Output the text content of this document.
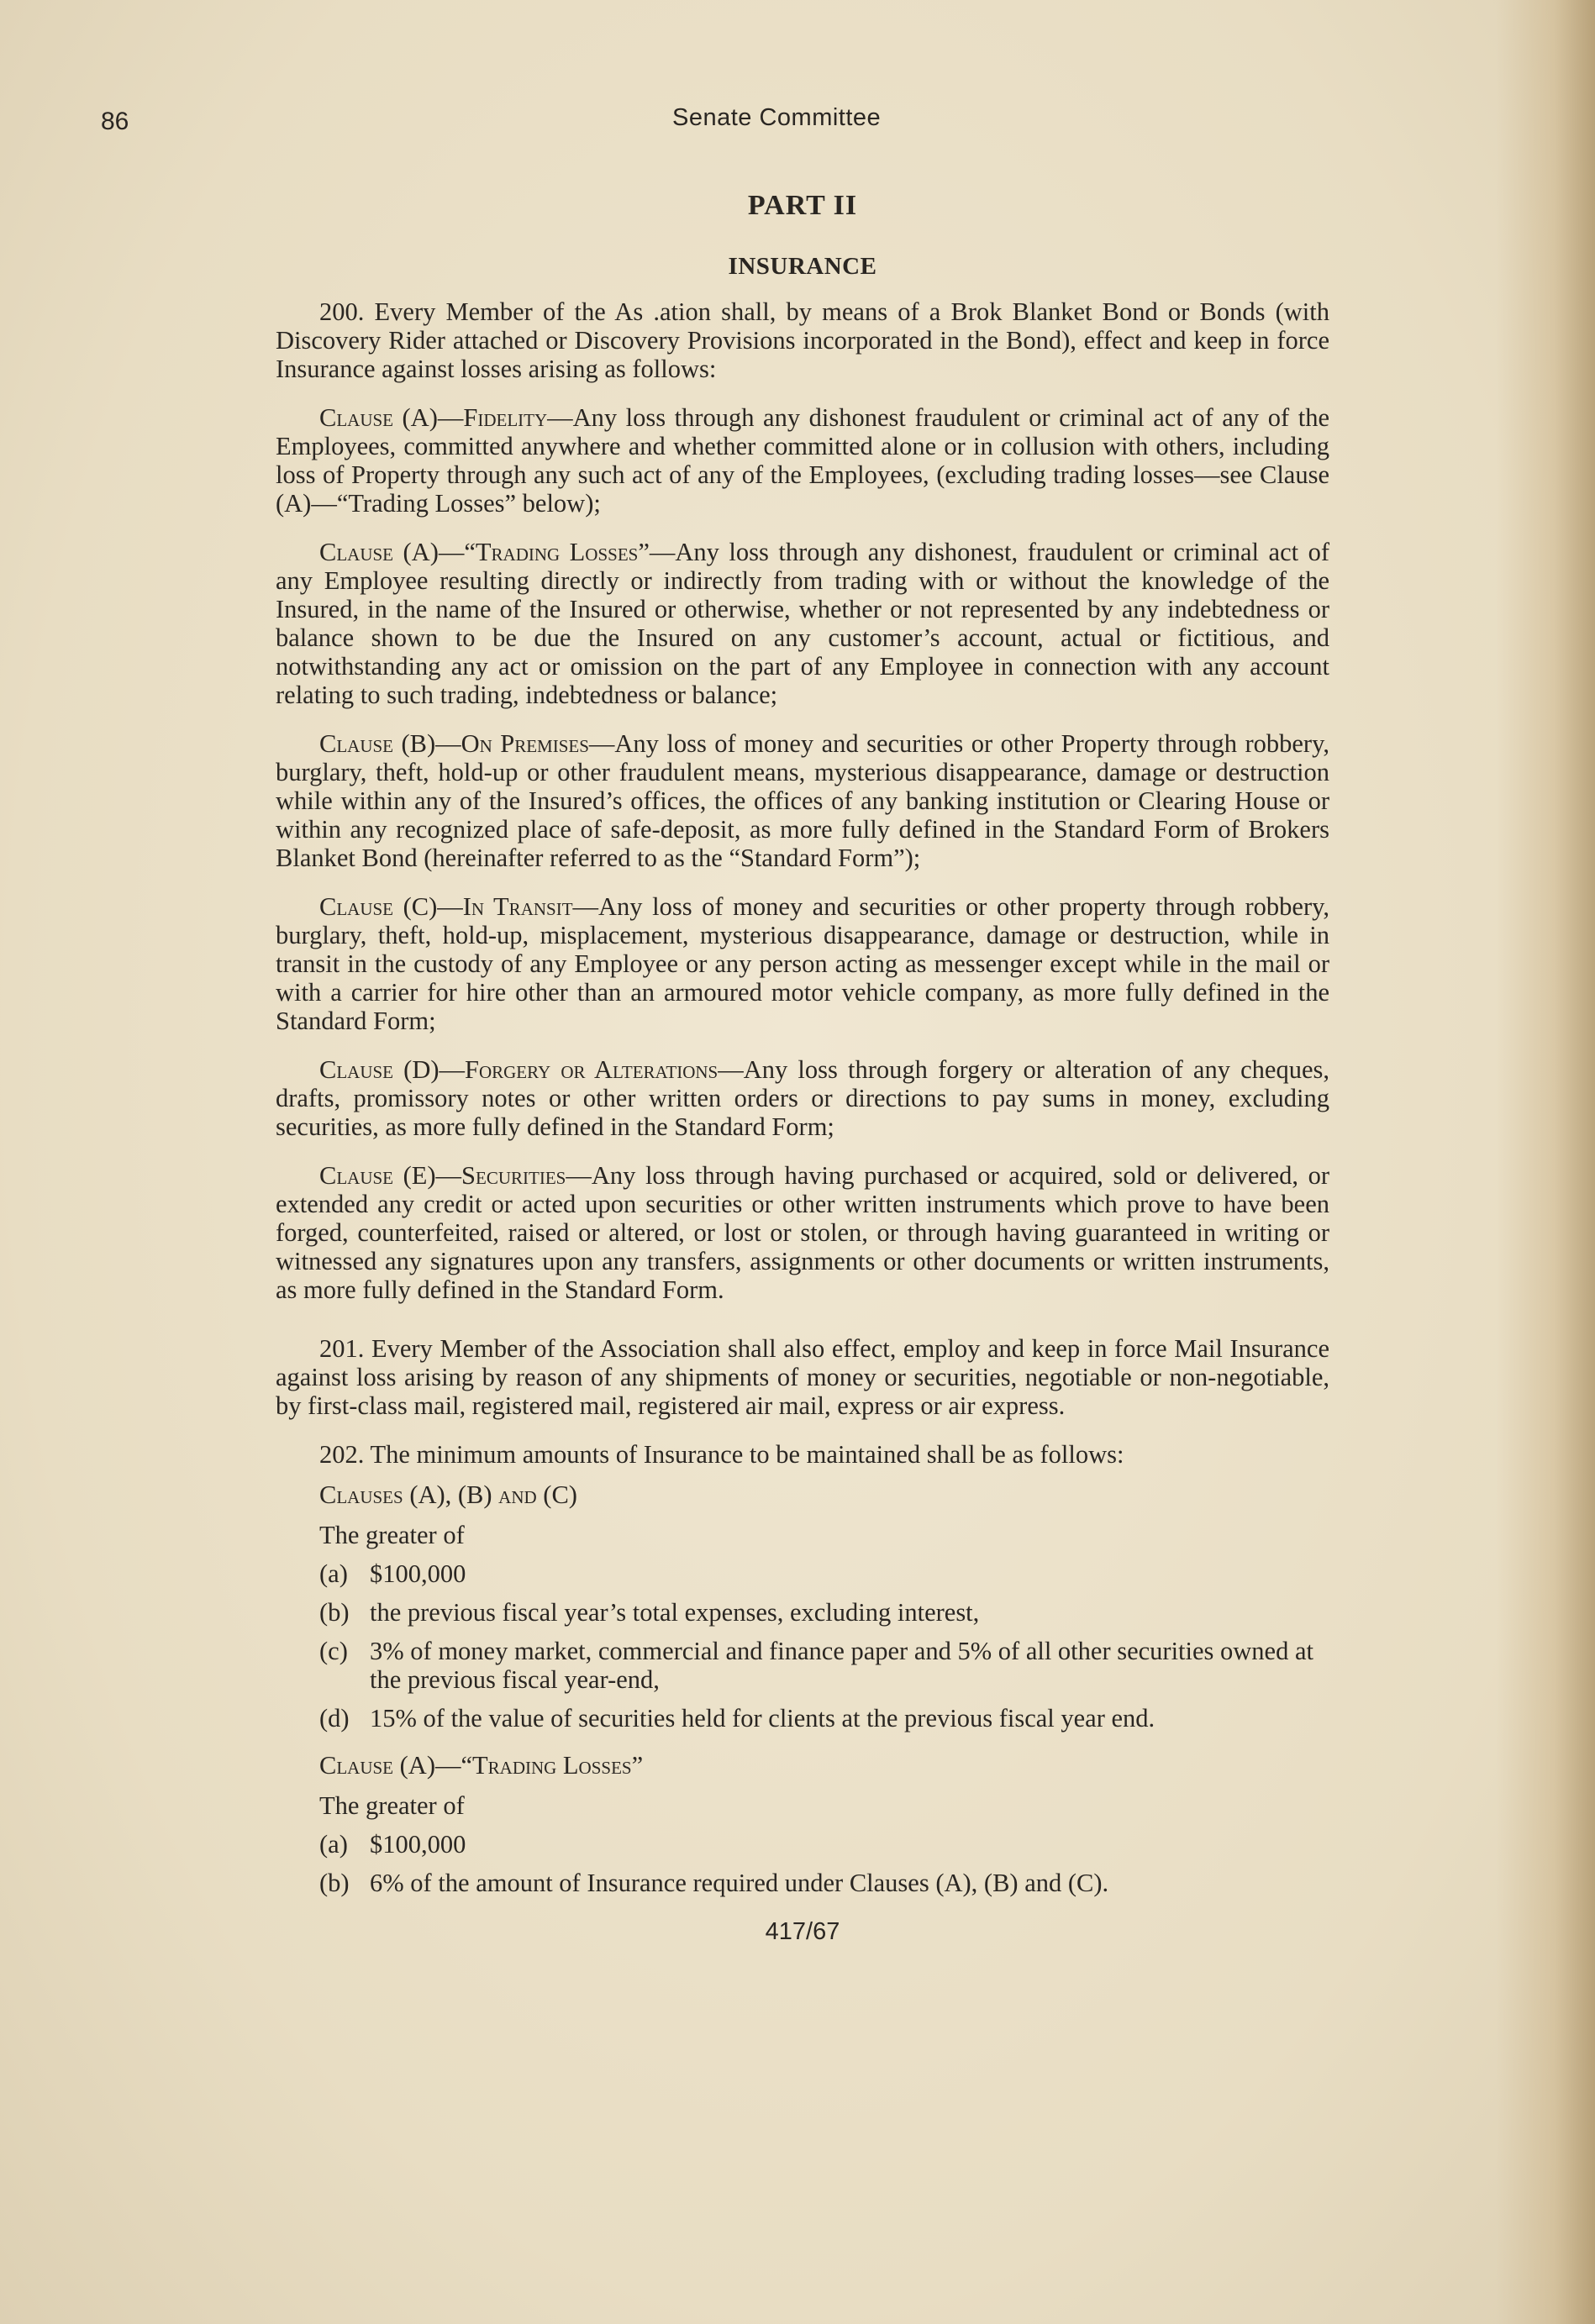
86	Senate Committee
PART II
INSURANCE

200. Every Member of the As .ation shall, by means of a Brok Blanket Bond or Bonds (with Discovery Rider attached or Discovery Provisions incorporated in the Bond), effect and keep in force Insurance against losses arising as follows:

Clause (A)—Fidelity—Any loss through any dishonest fraudulent or criminal act of any of the Employees, committed anywhere and whether committed alone or in collusion with others, including loss of Property through any such act of any of the Employees, (excluding trading losses—see Clause (A)—“Trading Losses” below);

Clause (A)—“Trading Losses”—Any loss through any dishonest, fraudulent or criminal act of any Employee resulting directly or indirectly from trading with or without the knowledge of the Insured, in the name of the Insured or otherwise, whether or not represented by any indebtedness or balance shown to be due the Insured on any customer’s account, actual or fictitious, and notwithstanding any act or omission on the part of any Employee in connection with any account relating to such trading, indebtedness or balance;

Clause (B)—On Premises—Any loss of money and securities or other Property through robbery, burglary, theft, hold-up or other fraudulent means, mysterious disappearance, damage or destruction while within any of the Insured’s offices, the offices of any banking institution or Clearing House or within any recognized place of safe-deposit, as more fully defined in the Standard Form of Brokers Blanket Bond (hereinafter referred to as the “Standard Form”);

Clause (C)—In Transit—Any loss of money and securities or other property through robbery, burglary, theft, hold-up, misplacement, mysterious disappearance, damage or destruction, while in transit in the custody of any Employee or any person acting as messenger except while in the mail or with a carrier for hire other than an armoured motor vehicle company, as more fully defined in the Standard Form;

Clause (D)—Forgery or Alterations—Any loss through forgery or alteration of any cheques, drafts, promissory notes or other written orders or directions to pay sums in money, excluding securities, as more fully defined in the Standard Form;

Clause (E)—Securities—Any loss through having purchased or acquired, sold or delivered, or extended any credit or acted upon securities or other written instruments which prove to have been forged, counterfeited, raised or altered, or lost or stolen, or through having guaranteed in writing or witnessed any signatures upon any transfers, assignments or other documents or written instruments, as more fully defined in the Standard Form.

201. Every Member of the Association shall also effect, employ and keep in force Mail Insurance against loss arising by reason of any shipments of money or securities, negotiable or non-negotiable, by first-class mail, registered mail, registered air mail, express or air express.

202. The minimum amounts of Insurance to be maintained shall be as follows:

Clauses (A), (B) and (C)
The greater of
(a) $100,000
(b) the previous fiscal year’s total expenses, excluding interest,
(c) 3% of money market, commercial and finance paper and 5% of all other securities owned at the previous fiscal year-end,
(d) 15% of the value of securities held for clients at the previous fiscal year end.
Clause (A)—“Trading Losses”
The greater of
(a) $100,000
(b) 6% of the amount of Insurance required under Clauses (A), (B) and (C).
417/67
